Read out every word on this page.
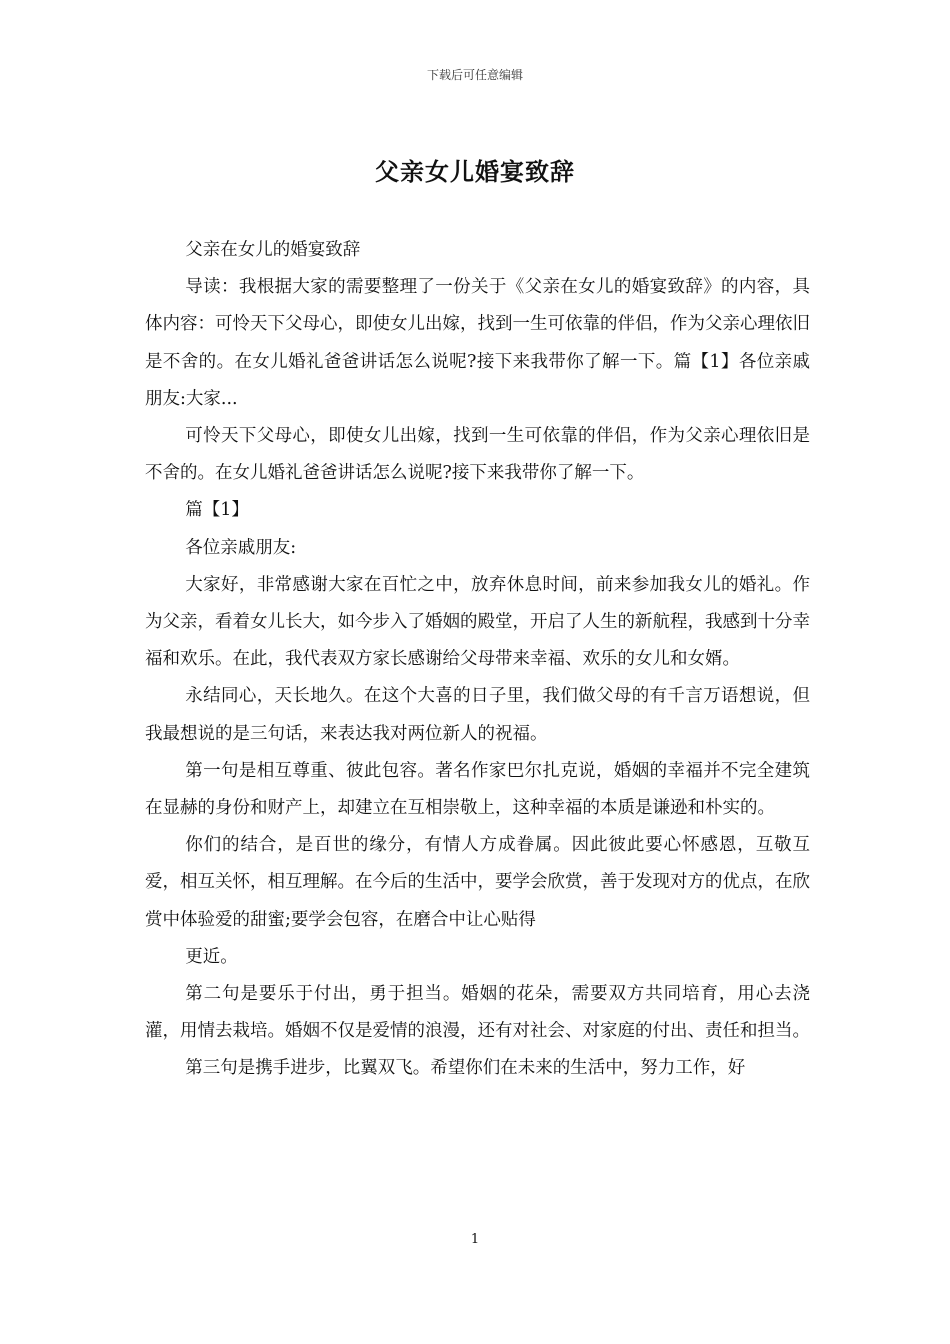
下载后可任意编辑
父亲女儿婚宴致辞

父亲在女儿的婚宴致辞

导读：我根据大家的需要整理了一份关于《父亲在女儿的婚宴致辞》的内容，具体内容：可怜天下父母心，即使女儿出嫁，找到一生可依靠的伴侣，作为父亲心理依旧是不舍的。在女儿婚礼爸爸讲话怎么说呢?接下来我带你了解一下。篇【1】各位亲戚朋友:大家...

可怜天下父母心，即使女儿出嫁，找到一生可依靠的伴侣，作为父亲心理依旧是不舍的。在女儿婚礼爸爸讲话怎么说呢?接下来我带你了解一下。

篇【1】

各位亲戚朋友:

大家好，非常感谢大家在百忙之中，放弃休息时间，前来参加我女儿的婚礼。作为父亲，看着女儿长大，如今步入了婚姻的殿堂，开启了人生的新航程，我感到十分幸福和欢乐。在此，我代表双方家长感谢给父母带来幸福、欢乐的女儿和女婿。

永结同心，天长地久。在这个大喜的日子里，我们做父母的有千言万语想说，但我最想说的是三句话，来表达我对两位新人的祝福。

第一句是相互尊重、彼此包容。著名作家巴尔扎克说，婚姻的幸福并不完全建筑在显赫的身份和财产上，却建立在互相崇敬上，这种幸福的本质是谦逊和朴实的。

你们的结合，是百世的缘分，有情人方成眷属。因此彼此要心怀感恩，互敬互爱，相互关怀，相互理解。在今后的生活中，要学会欣赏，善于发现对方的优点，在欣赏中体验爱的甜蜜;要学会包容，在磨合中让心贴得

更近。

第二句是要乐于付出，勇于担当。婚姻的花朵，需要双方共同培育，用心去浇灌，用情去栽培。婚姻不仅是爱情的浪漫，还有对社会、对家庭的付出、责任和担当。

第三句是携手进步，比翼双飞。希望你们在未来的生活中，努力工作，好

1
